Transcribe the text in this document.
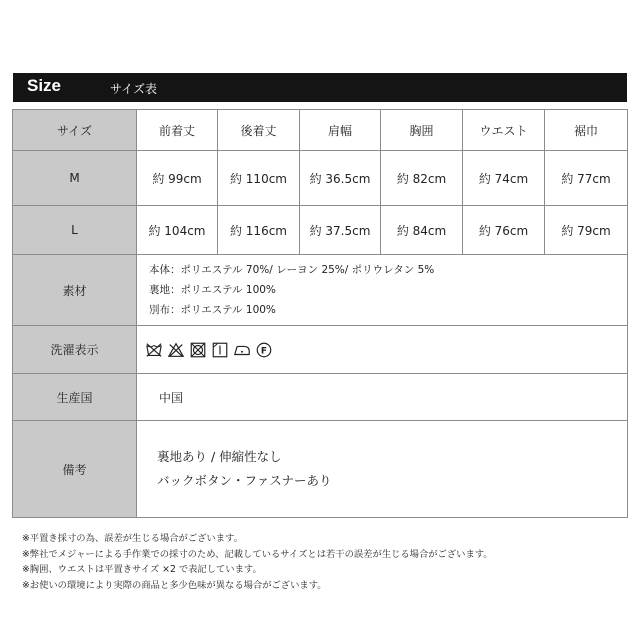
Size	サイズ表
サイズ	前着丈	後着丈	肩幅	胸囲	ウエスト	裾巾
M	約 99cm	約 110cm	約 36.5cm	約 82cm	約 74cm	約 77cm
L	約 104cm	約 116cm	約 37.5cm	約 84cm	約 76cm	約 79cm
素材	本体：ポリエステル 70%/ レーヨン 25%/ ポリウレタン 5%
裏地：ポリエステル 100%
別布：ポリエステル 100%					

洗濯表示	F					

生産国	中国					
備考	裏地あり / 伸縮性なし
バックボタン・ファスナーあり					
※平置き採寸の為、誤差が生じる場合がございます。
※弊社でメジャーによる手作業での採寸のため、記載しているサイズとは若干の誤差が生じる場合がございます。
※胸囲、ウエストは平置きサイズ ×2 で表記しています。
※お使いの環境により実際の商品と多少色味が異なる場合がございます。
